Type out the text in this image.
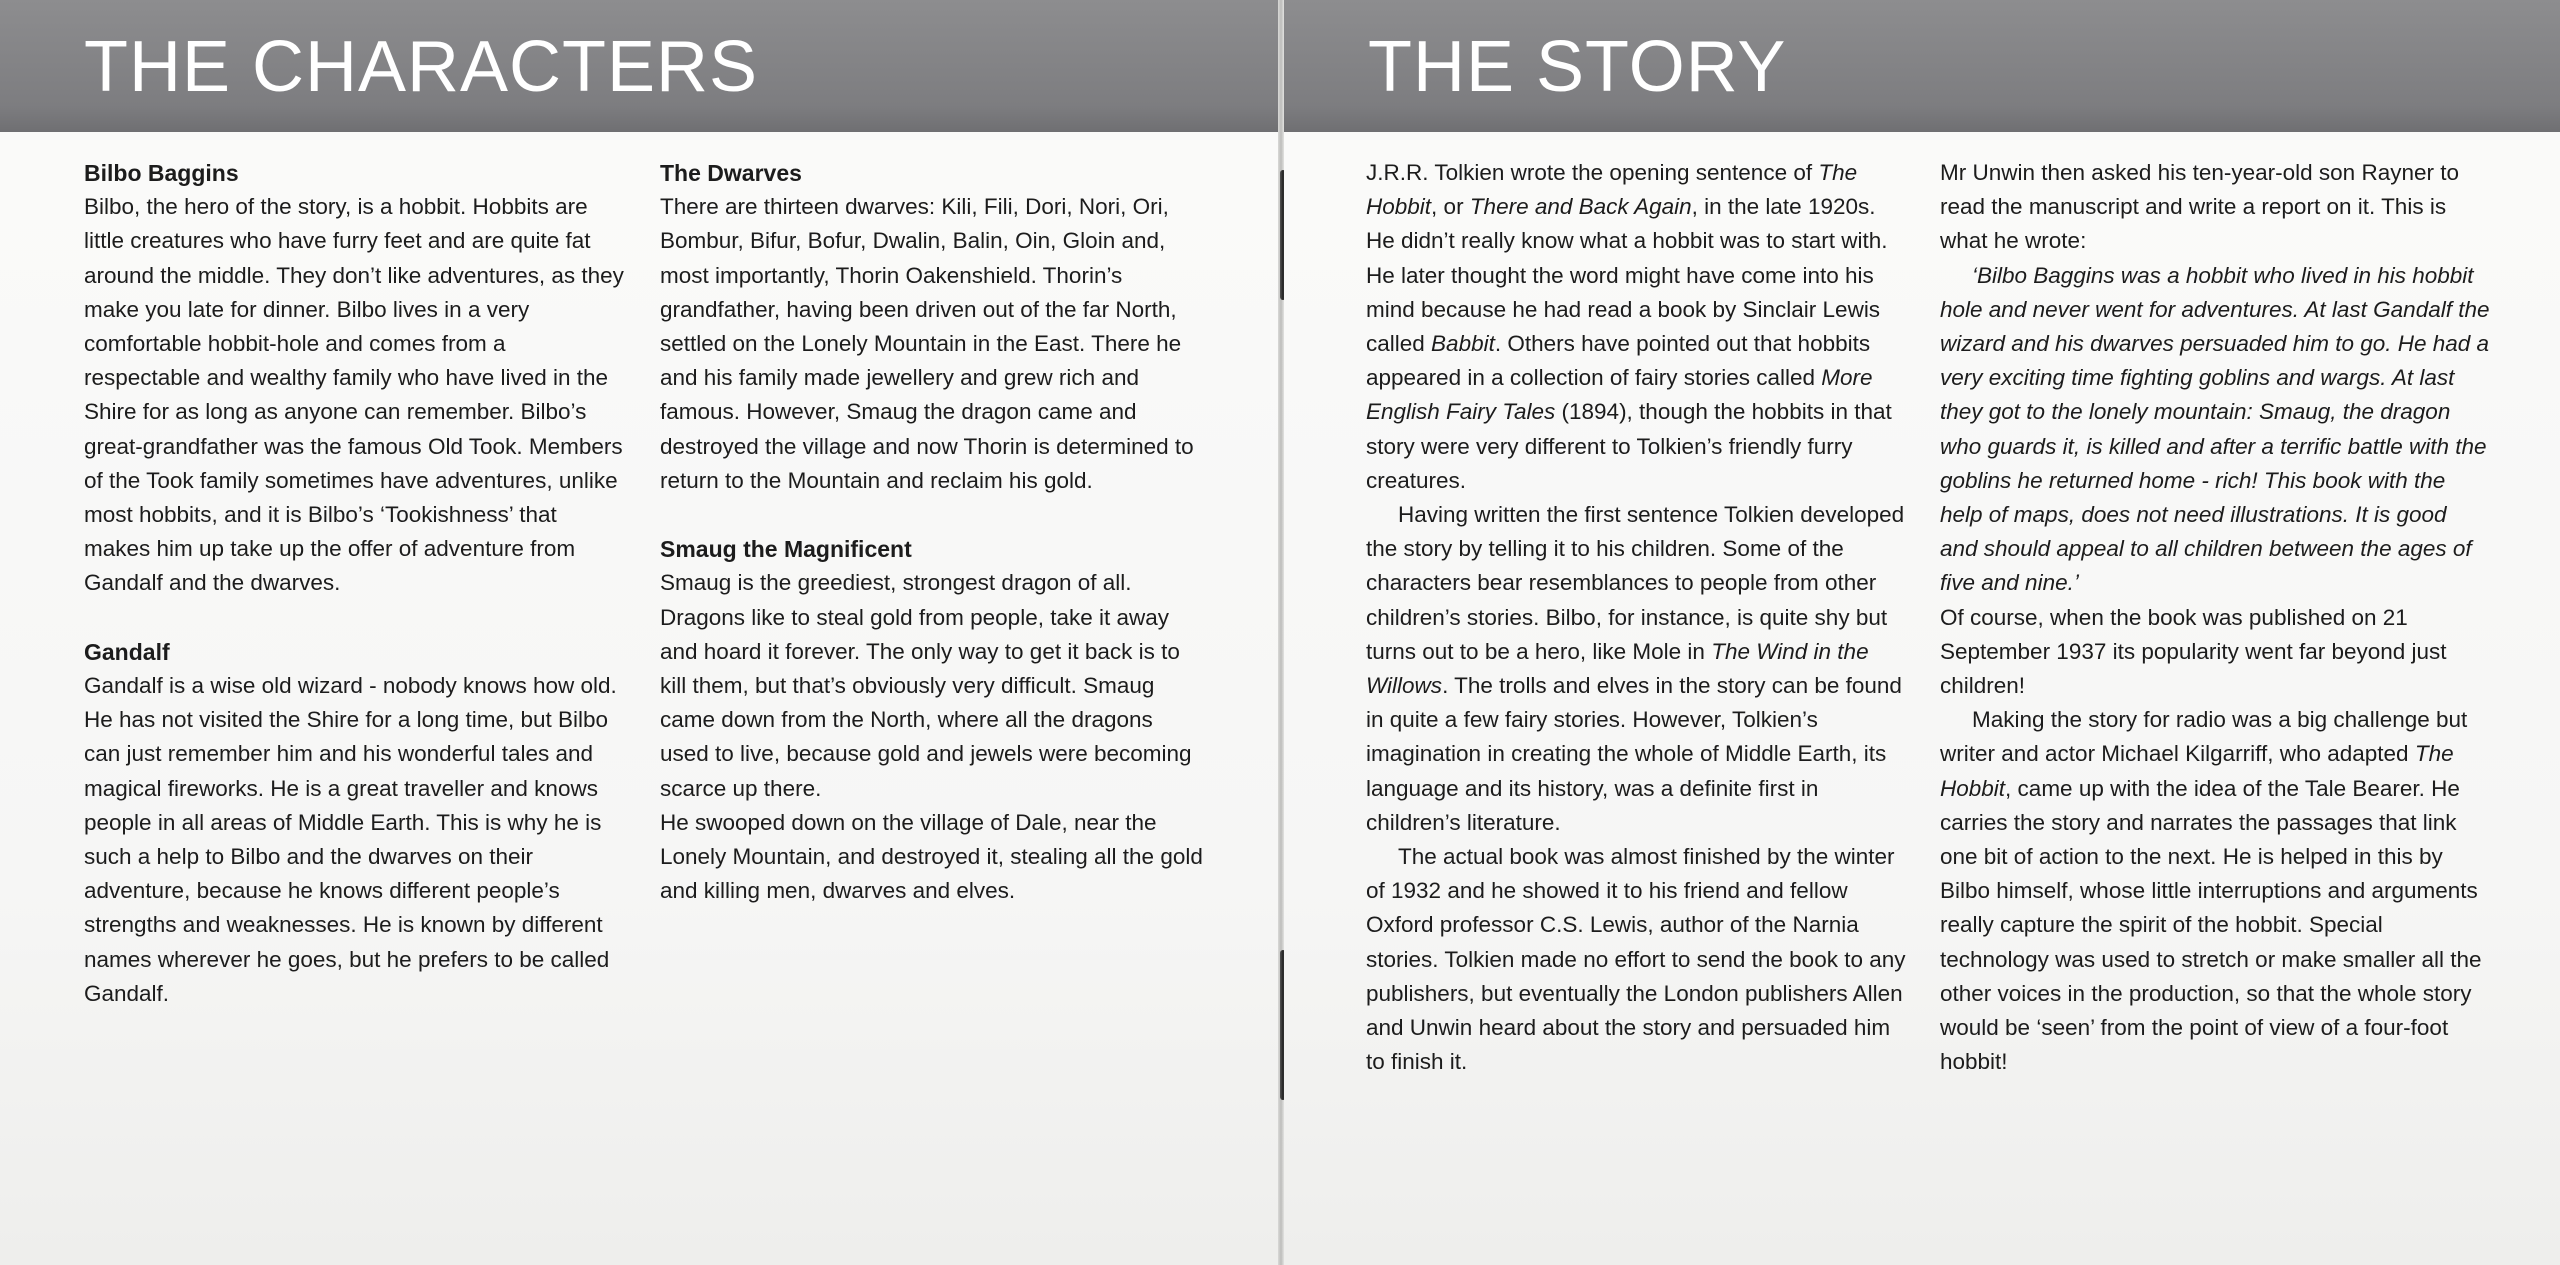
THE CHARACTERS
Bilbo Baggins

Bilbo, the hero of the story, is a hobbit. Hobbits are little creatures who have furry feet and are quite fat around the middle. They don’t like adventures, as they make you late for dinner. Bilbo lives in a very comfortable hobbit-hole and comes from a respectable and wealthy family who have lived in the Shire for as long as anyone can remember. Bilbo’s great-grandfather was the famous Old Took. Members of the Took family sometimes have adventures, unlike most hobbits, and it is Bilbo’s ‘Tookishness’ that makes him up take up the offer of adventure from Gandalf and the dwarves.

Gandalf

Gandalf is a wise old wizard - nobody knows how old. He has not visited the Shire for a long time, but Bilbo can just remember him and his wonderful tales and magical fireworks. He is a great traveller and knows people in all areas of Middle Earth. This is why he is such a help to Bilbo and the dwarves on their adventure, because he knows different people’s strengths and weaknesses. He is known by different names wherever he goes, but he prefers to be called Gandalf.

The Dwarves

There are thirteen dwarves: Kili, Fili, Dori, Nori, Ori, Bombur, Bifur, Bofur, Dwalin, Balin, Oin, Gloin and, most importantly, Thorin Oakenshield. Thorin’s grandfather, having been driven out of the far North, settled on the Lonely Mountain in the East. There he and his family made jewellery and grew rich and famous. However, Smaug the dragon came and destroyed the village and now Thorin is determined to return to the Mountain and reclaim his gold.

Smaug the Magnificent

Smaug is the greediest, strongest dragon of all. Dragons like to steal gold from people, take it away and hoard it forever. The only way to get it back is to kill them, but that’s obviously very difficult. Smaug came down from the North, where all the dragons used to live, because gold and jewels were becoming scarce up there.

He swooped down on the village of Dale, near the Lonely Mountain, and destroyed it, stealing all the gold and killing men, dwarves and elves.

THE STORY

J.R.R. Tolkien wrote the opening sentence of The Hobbit, or There and Back Again, in the late 1920s. He didn’t really know what a hobbit was to start with. He later thought the word might have come into his mind because he had read a book by Sinclair Lewis called Babbit. Others have pointed out that hobbits appeared in a collection of fairy stories called More English Fairy Tales (1894), though the hobbits in that story were very different to Tolkien’s friendly furry creatures.

Having written the first sentence Tolkien developed the story by telling it to his children. Some of the characters bear resemblances to people from other children’s stories. Bilbo, for instance, is quite shy but turns out to be a hero, like Mole in The Wind in the Willows. The trolls and elves in the story can be found in quite a few fairy stories. However, Tolkien’s imagination in creating the whole of Middle Earth, its language and its history, was a definite first in children’s literature.

The actual book was almost finished by the winter of 1932 and he showed it to his friend and fellow Oxford professor C.S. Lewis, author of the Narnia stories. Tolkien made no effort to send the book to any publishers, but eventually the London publishers Allen and Unwin heard about the story and persuaded him to finish it.

Mr Unwin then asked his ten-year-old son Rayner to read the manuscript and write a report on it. This is what he wrote:

‘Bilbo Baggins was a hobbit who lived in his hobbit hole and never went for adventures. At last Gandalf the wizard and his dwarves persuaded him to go. He had a very exciting time fighting goblins and wargs. At last they got to the lonely mountain: Smaug, the dragon who guards it, is killed and after a terrific battle with the goblins he returned home - rich! This book with the help of maps, does not need illustrations. It is good and should appeal to all children between the ages of five and nine.’

Of course, when the book was published on 21 September 1937 its popularity went far beyond just children!

Making the story for radio was a big challenge but writer and actor Michael Kilgarriff, who adapted The Hobbit, came up with the idea of the Tale Bearer. He carries the story and narrates the passages that link one bit of action to the next. He is helped in this by Bilbo himself, whose little interruptions and arguments really capture the spirit of the hobbit. Special technology was used to stretch or make smaller all the other voices in the production, so that the whole story would be ‘seen’ from the point of view of a four-foot hobbit!
